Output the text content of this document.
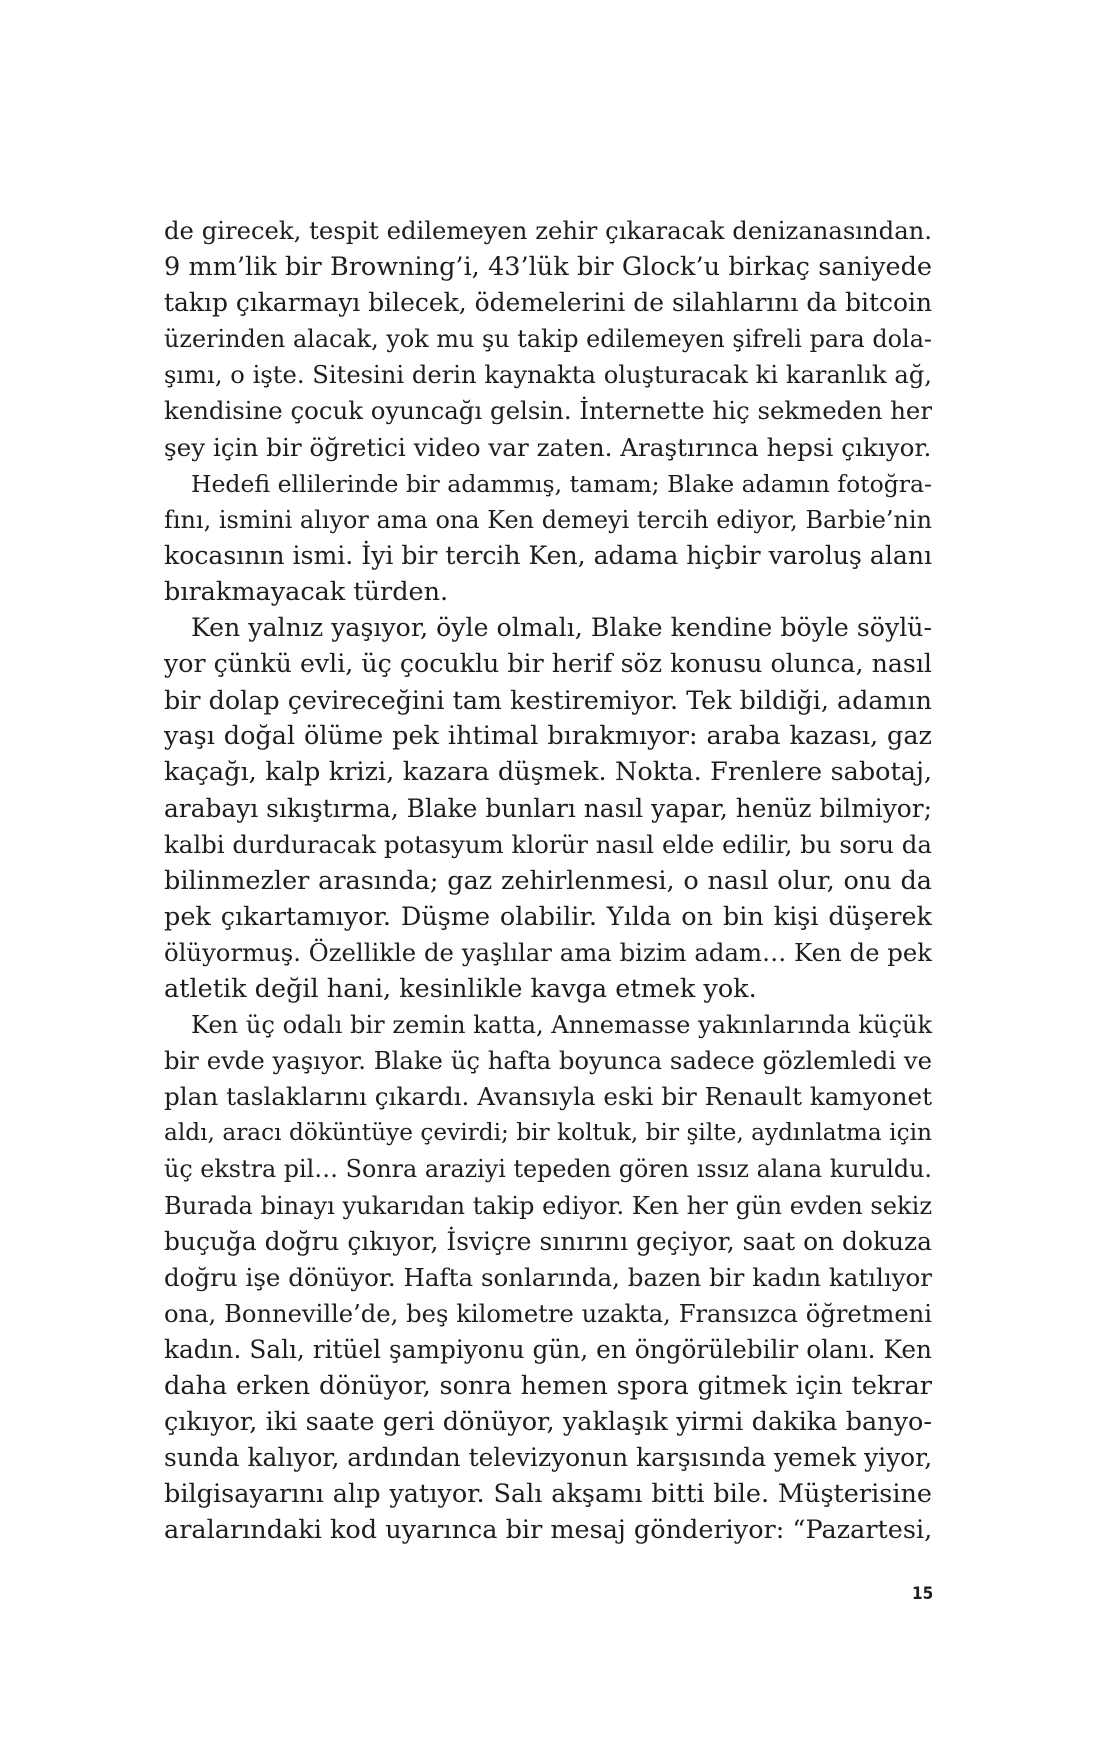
de girecek, tespit edilemeyen zehir çıkaracak denizanasından.
9 mm’lik bir Browning’i, 43’lük bir Glock’u birkaç saniyede
takıp çıkarmayı bilecek, ödemelerini de silahlarını da bitcoin
üzerinden alacak, yok mu şu takip edilemeyen şifreli para dola-
şımı, o işte. Sitesini derin kaynakta oluşturacak ki karanlık ağ,
kendisine çocuk oyuncağı gelsin. İnternette hiç sekmeden her
şey için bir öğretici video var zaten. Araştırınca hepsi çıkıyor.
Hedefi ellilerinde bir adammış, tamam; Blake adamın fotoğra-
fını, ismini alıyor ama ona Ken demeyi tercih ediyor, Barbie’nin
kocasının ismi. İyi bir tercih Ken, adama hiçbir varoluş alanı
bırakmayacak türden.
Ken yalnız yaşıyor, öyle olmalı, Blake kendine böyle söylü-
yor çünkü evli, üç çocuklu bir herif söz konusu olunca, nasıl
bir dolap çevireceğini tam kestiremiyor. Tek bildiği, adamın
yaşı doğal ölüme pek ihtimal bırakmıyor: araba kazası, gaz
kaçağı, kalp krizi, kazara düşmek. Nokta. Frenlere sabotaj,
arabayı sıkıştırma, Blake bunları nasıl yapar, henüz bilmiyor;
kalbi durduracak potasyum klorür nasıl elde edilir, bu soru da
bilinmezler arasında; gaz zehirlenmesi, o nasıl olur, onu da
pek çıkartamıyor. Düşme olabilir. Yılda on bin kişi düşerek
ölüyormuş. Özellikle de yaşlılar ama bizim adam… Ken de pek
atletik değil hani, kesinlikle kavga etmek yok.
Ken üç odalı bir zemin katta, Annemasse yakınlarında küçük
bir evde yaşıyor. Blake üç hafta boyunca sadece gözlemledi ve
plan taslaklarını çıkardı. Avansıyla eski bir Renault kamyonet
aldı, aracı döküntüye çevirdi; bir koltuk, bir şilte, aydınlatma için
üç ekstra pil… Sonra araziyi tepeden gören ıssız alana kuruldu.
Burada binayı yukarıdan takip ediyor. Ken her gün evden sekiz
buçuğa doğru çıkıyor, İsviçre sınırını geçiyor, saat on dokuza
doğru işe dönüyor. Hafta sonlarında, bazen bir kadın katılıyor
ona, Bonneville’de, beş kilometre uzakta, Fransızca öğretmeni
kadın. Salı, ritüel şampiyonu gün, en öngörülebilir olanı. Ken
daha erken dönüyor, sonra hemen spora gitmek için tekrar
çıkıyor, iki saate geri dönüyor, yaklaşık yirmi dakika banyo-
sunda kalıyor, ardından televizyonun karşısında yemek yiyor,
bilgisayarını alıp yatıyor. Salı akşamı bitti bile. Müşterisine
aralarındaki kod uyarınca bir mesaj gönderiyor: “Pazartesi,
15
